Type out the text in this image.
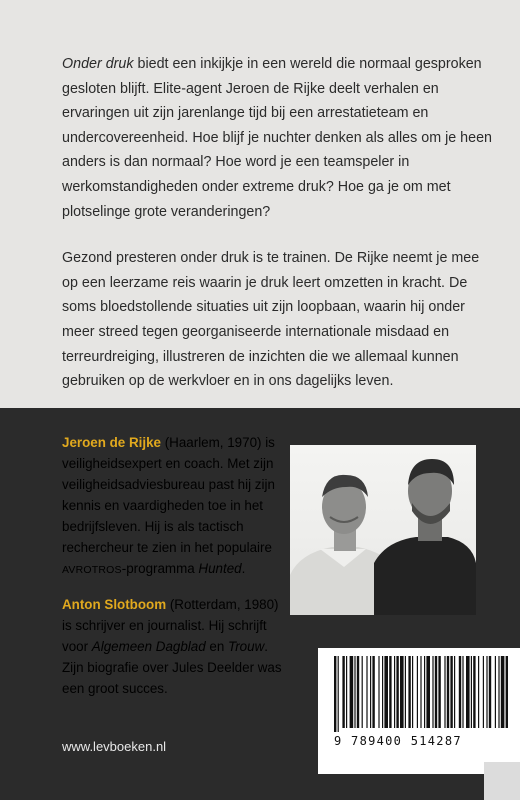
Onder druk biedt een inkijkje in een wereld die normaal gesproken gesloten blijft. Elite-agent Jeroen de Rijke deelt verhalen en ervaringen uit zijn jarenlange tijd bij een arrestatieteam en undercovereenheid. Hoe blijf je nuchter denken als alles om je heen anders is dan normaal? Hoe word je een teamspeler in werkomstandigheden onder extreme druk? Hoe ga je om met plotselinge grote veranderingen?

Gezond presteren onder druk is te trainen. De Rijke neemt je mee op een leerzame reis waarin je druk leert omzetten in kracht. De soms bloedstollende situaties uit zijn loopbaan, waarin hij onder meer streed tegen georganiseerde internationale misdaad en terreurdreiging, illustreren de inzichten die we allemaal kunnen gebruiken op de werkvloer en in ons dagelijks leven.

Jeroen de Rijke (Haarlem, 1970) is veiligheidsexpert en coach. Met zijn veiligheidsadviesbureau past hij zijn kennis en vaardigheden toe in het bedrijfsleven. Hij is als tactisch rechercheur te zien in het populaire AVROTROS-programma Hunted.
Anton Slotboom (Rotterdam, 1980) is schrijver en journalist. Hij schrijft voor Algemeen Dagblad en Trouw. Zijn biografie over Jules Deelder was een groot succes.
www.levboeken.nl	9 789400 514287
